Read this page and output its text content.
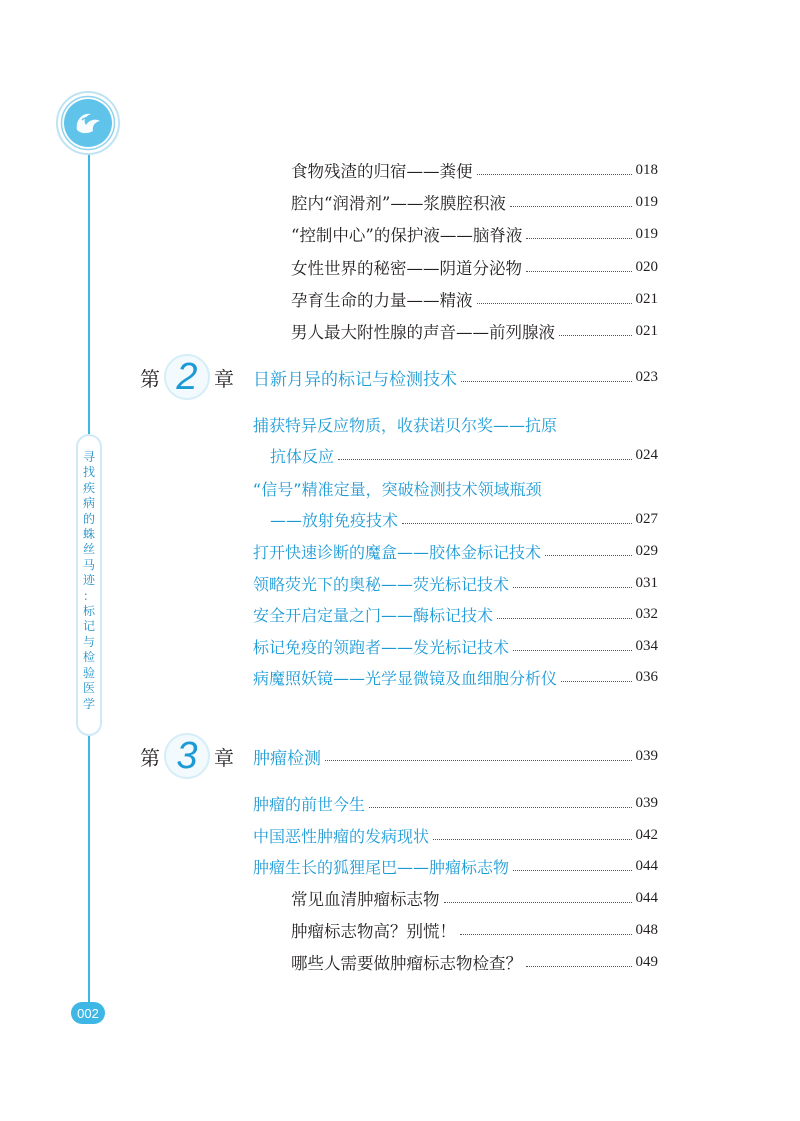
寻
找
疾
病
的
蛛
丝
马
迹
：
标
记
与
检
验
医
学
002
食物残渣的归宿——粪便	018
腔内“润滑剂”——浆膜腔积液	019
“控制中心”的保护液——脑脊液	019
女性世界的秘密——阴道分泌物	020
孕育生命的力量——精液	021
男人最大附性腺的声音——前列腺液	021
第 2 章 日新月异的标记与检测技术	023
捕获特异反应物质，收获诺贝尔奖——抗原
抗体反应	024
“信号”精准定量，突破检测技术领域瓶颈
——放射免疫技术	027
打开快速诊断的魔盒——胶体金标记技术	029
领略荧光下的奥秘——荧光标记技术	031
安全开启定量之门——酶标记技术	032
标记免疫的领跑者——发光标记技术	034
病魔照妖镜——光学显微镜及血细胞分析仪	036
第 3 章 肿瘤检测	039
肿瘤的前世今生	039
中国恶性肿瘤的发病现状	042
肿瘤生长的狐狸尾巴——肿瘤标志物	044
常见血清肿瘤标志物	044
肿瘤标志物高？别慌！	048
哪些人需要做肿瘤标志物检查？	049
